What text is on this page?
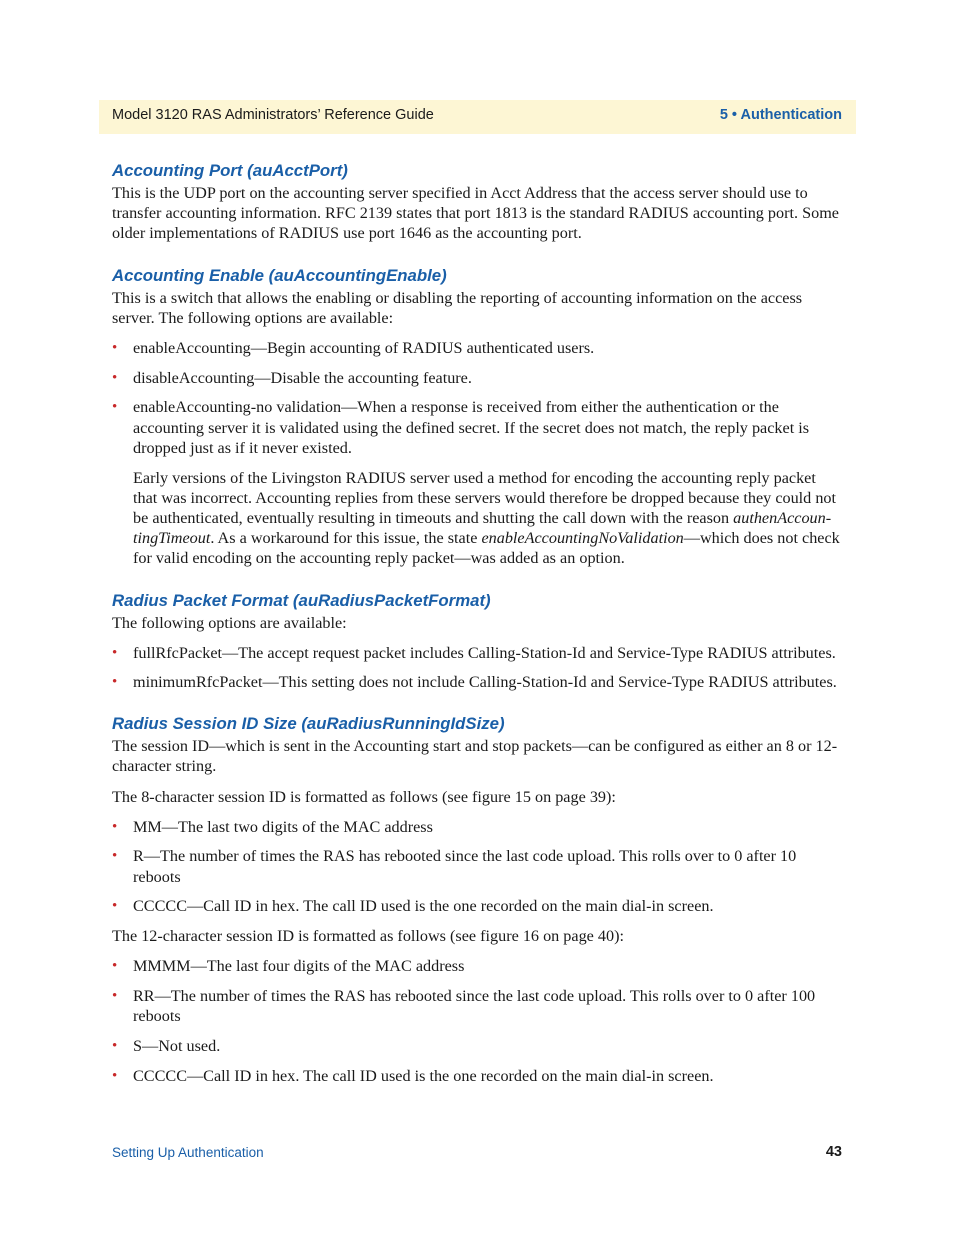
Model 3120 RAS Administrators’ Reference Guide	5 • Authentication
Accounting Port (auAcctPort)

This is the UDP port on the accounting server specified in Acct Address that the access server should use to transfer accounting information. RFC 2139 states that port 1813 is the standard RADIUS accounting port. Some older implementations of RADIUS use port 1646 as the accounting port.

Accounting Enable (auAccountingEnable)

This is a switch that allows the enabling or disabling the reporting of accounting information on the access server. The following options are available:

• enableAccounting—Begin accounting of RADIUS authenticated users.
• disableAccounting—Disable the accounting feature.
• enableAccounting-no validation—When a response is received from either the authentication or the accounting server it is validated using the defined secret. If the secret does not match, the reply packet is dropped just as if it never existed.

Early versions of the Livingston RADIUS server used a method for encoding the accounting reply packet that was incorrect. Accounting replies from these servers would therefore be dropped because they could not be authenticated, eventually resulting in timeouts and shutting the call down with the reason authenAccoun-tingTimeout. As a workaround for this issue, the state enableAccountingNoValidation—which does not check for valid encoding on the accounting reply packet—was added as an option.

Radius Packet Format (auRadiusPacketFormat)

The following options are available:

• fullRfcPacket—The accept request packet includes Calling-Station-Id and Service-Type RADIUS attributes.
• minimumRfcPacket—This setting does not include Calling-Station-Id and Service-Type RADIUS attributes.
Radius Session ID Size (auRadiusRunningIdSize)

The session ID—which is sent in the Accounting start and stop packets—can be configured as either an 8 or 12-character string.

The 8-character session ID is formatted as follows (see figure 15 on page 39):

• MM—The last two digits of the MAC address
• R—The number of times the RAS has rebooted since the last code upload. This rolls over to 0 after 10 reboots
• CCCCC—Call ID in hex. The call ID used is the one recorded on the main dial-in screen.

The 12-character session ID is formatted as follows (see figure 16 on page 40):

• MMMM—The last four digits of the MAC address
• RR—The number of times the RAS has rebooted since the last code upload. This rolls over to 0 after 100 reboots
• S—Not used.
• CCCCC—Call ID in hex. The call ID used is the one recorded on the main dial-in screen.
Setting Up Authentication	43
